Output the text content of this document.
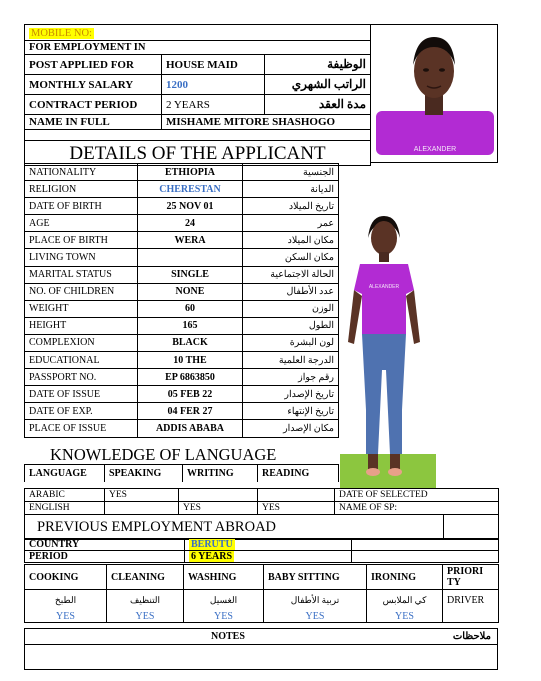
MOBILE NO:		
FOR EMPLOYMENT IN		
POST APPLIED FOR	HOUSE MAID	الوظيفة
MONTHLY SALARY	1200	الراتب الشهري
CONTRACT PERIOD	2 YEARS	مدة العقد
NAME IN FULL	MISHAME MITORE SHASHOGO	

DETAILS OF THE APPLICANT			ALEXANDER
NATIONALITY	ETHIOPIA	الجنسية
RELIGION	CHERESTAN	الديانة
DATE OF BIRTH	25 NOV 01	تاريخ الميلاد
AGE	24	عمر
PLACE OF BIRTH	WERA	مكان الميلاد
LIVING TOWN		مكان السكن
MARITAL STATUS	SINGLE	الحالة الاجتماعية
NO. OF CHILDREN	NONE	عدد الأطفال
WEIGHT	60	الوزن
HEIGHT	165	الطول
COMPLEXION	BLACK	لون البشرة
EDUCATIONAL	10 THE	الدرجة العلمية
PASSPORT NO.	EP 6863850	رقم جواز
DATE OF ISSUE	05 FEB 22	تاريخ الإصدار
DATE OF EXP.	04 FER 27	تاريخ الإنتهاء
PLACE OF ISSUE	ADDIS ABABA	مكان الإصدار
ALEXANDER
KNOWLEDGE OF LANGUAGE
LANGUAGE	SPEAKING	WRITING	READING
ARABIC	YES			DATE OF SELECTED
ENGLISH		YES	YES	NAME OF SP:
PREVIOUS EMPLOYMENT ABROAD	
COUNTRY	BERUTU	
PERIOD	6 YEARS	
COOKING	CLEANING	WASHING	BABY SITTING	IRONING	PRIORI TY
الطبخ	التنظيف	الغسيل	تربية الأطفال	كي الملابس	DRIVER
YES	YES	YES	YES	YES	
NOTES	ملاحظات
